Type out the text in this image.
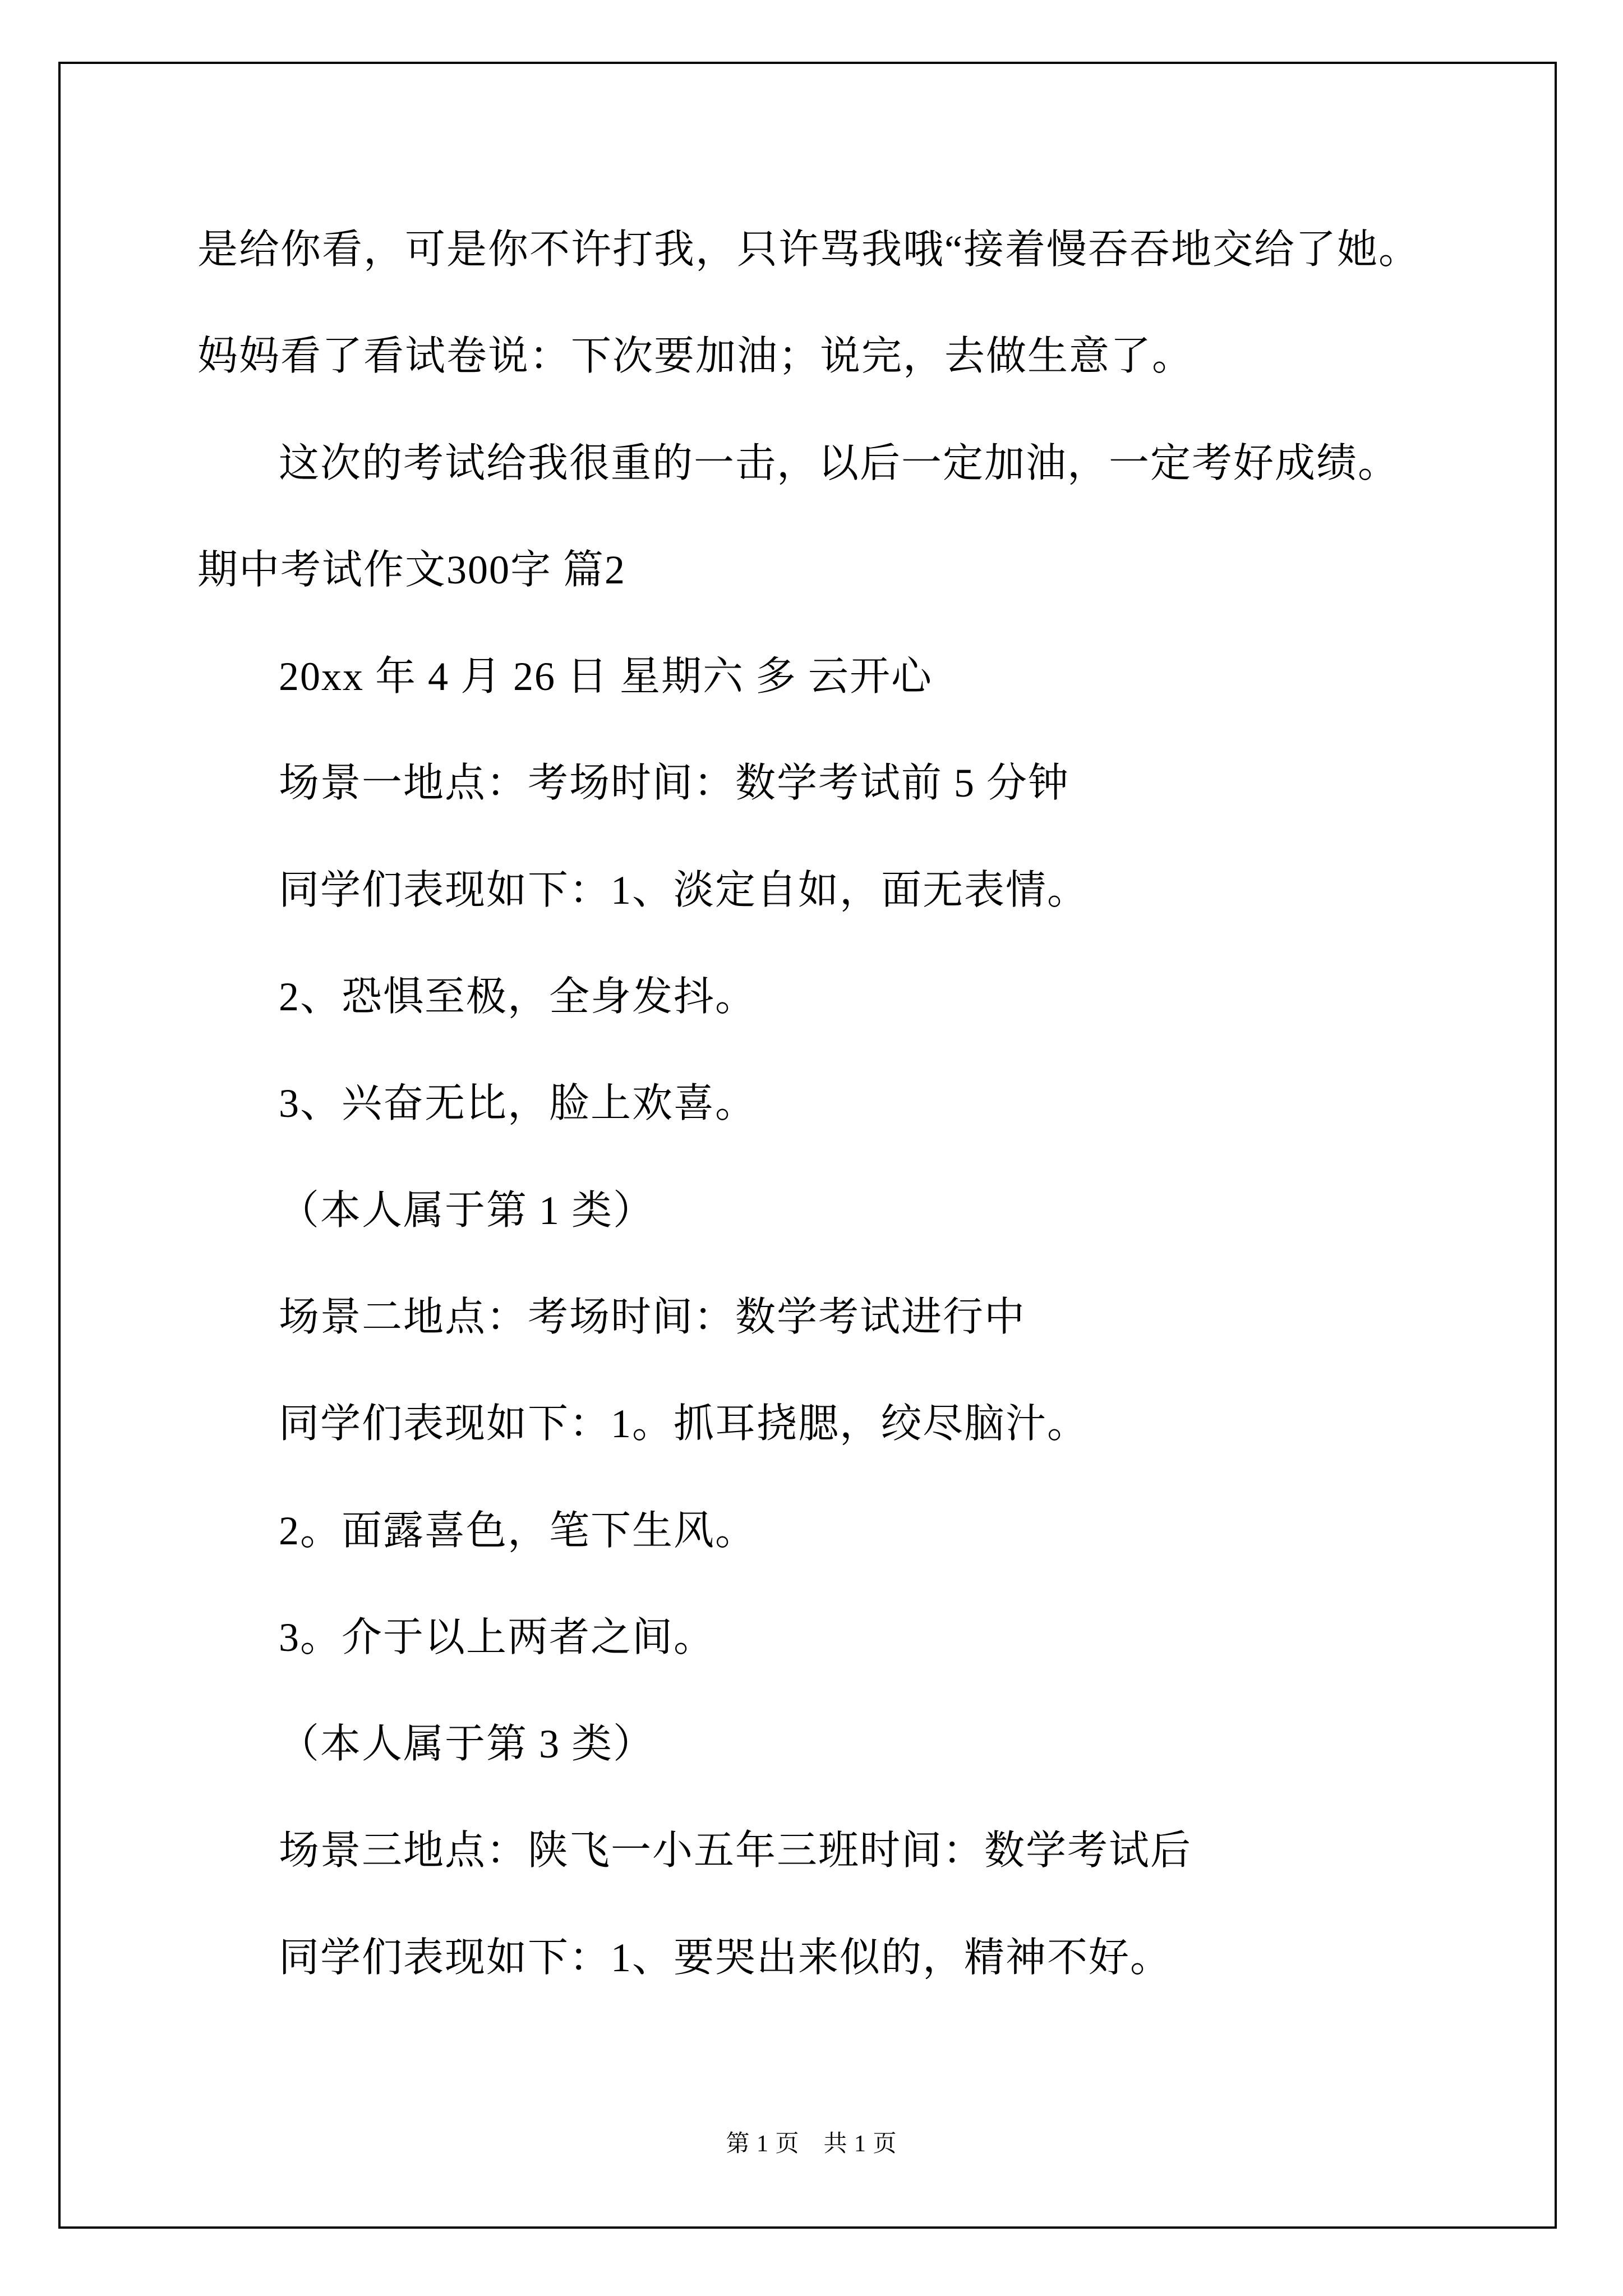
是给你看，可是你不许打我，只许骂我哦“接着慢吞吞地交给了她。

妈妈看了看试卷说：下次要加油；说完，去做生意了。

这次的考试给我很重的一击，以后一定加油，一定考好成绩。

期中考试作文300字 篇2

20xx 年 4 月 26 日 星期六 多 云开心

场景一地点：考场时间：数学考试前 5 分钟

同学们表现如下：1、淡定自如，面无表情。

2、恐惧至极，全身发抖。

3、兴奋无比，脸上欢喜。

（本人属于第 1 类）

场景二地点：考场时间：数学考试进行中

同学们表现如下：1。抓耳挠腮，绞尽脑汁。

2。面露喜色，笔下生风。

3。介于以上两者之间。

（本人属于第 3 类）

场景三地点：陕飞一小五年三班时间：数学考试后

同学们表现如下：1、要哭出来似的，精神不好。

第 1 页　共 1 页
